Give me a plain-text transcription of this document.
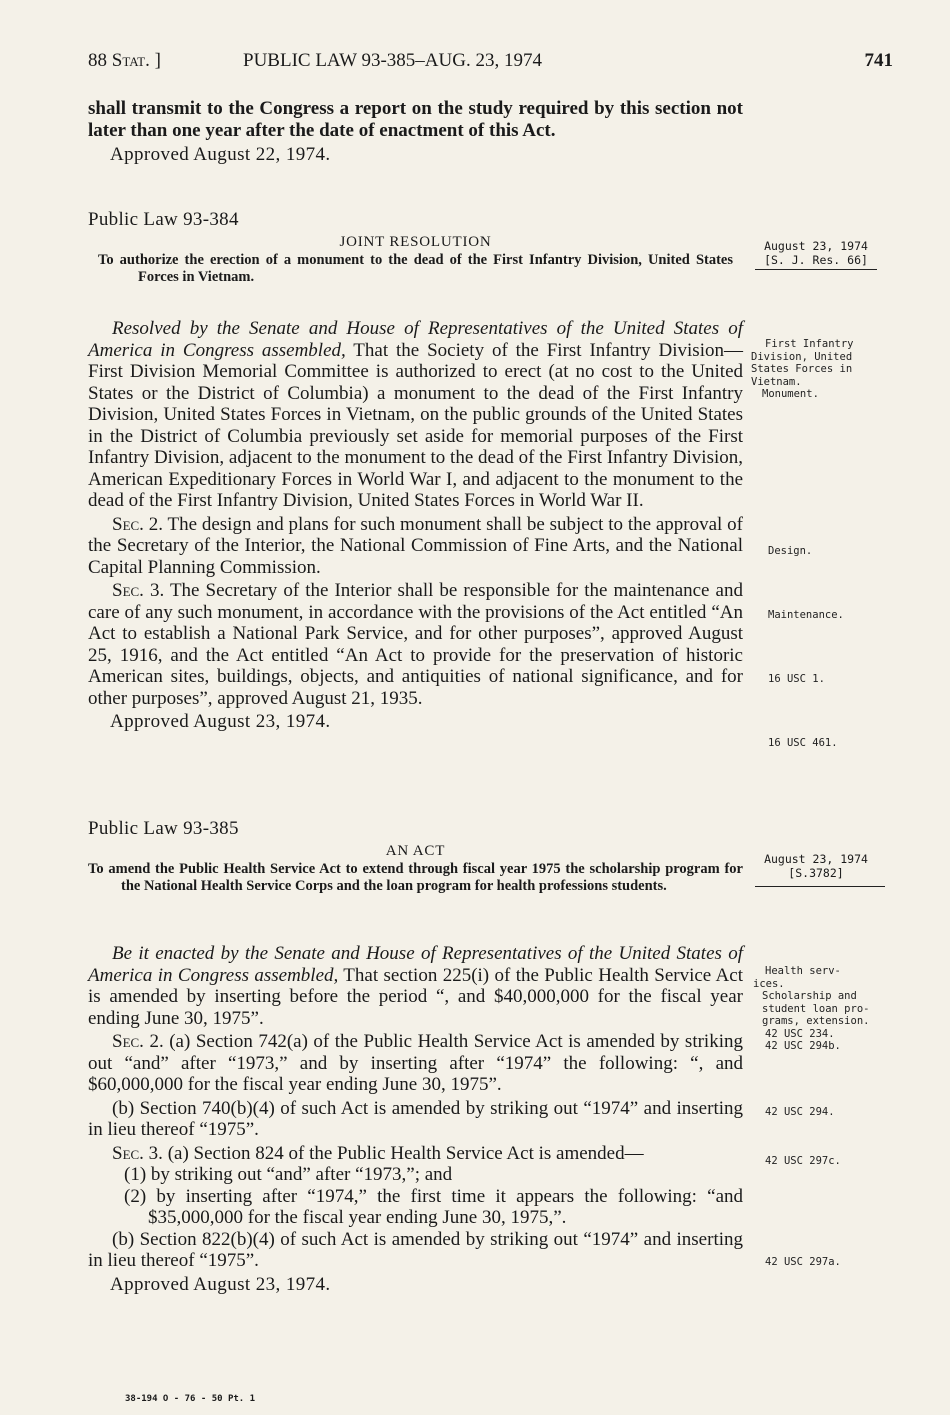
88 Stat. ]	PUBLIC LAW 93-385–AUG. 23, 1974	741

shall transmit to the Congress a report on the study required by this section not later than one year after the date of enactment of this Act.

Approved August 22, 1974.

Public Law 93-384

JOINT RESOLUTION

To authorize the erection of a monument to the dead of the First Infantry Division, United States Forces in Vietnam.

Resolved by the Senate and House of Representatives of the United States of America in Congress assembled, That the Society of the First Infantry Division—First Division Memorial Committee is authorized to erect (at no cost to the United States or the District of Columbia) a monument to the dead of the First Infantry Division, United States Forces in Vietnam, on the public grounds of the United States in the District of Columbia previously set aside for memorial purposes of the First Infantry Division, adjacent to the monument to the dead of the First Infantry Division, American Expeditionary Forces in World War I, and adjacent to the monument to the dead of the First Infantry Division, United States Forces in World War II.

Sec. 2. The design and plans for such monument shall be subject to the approval of the Secretary of the Interior, the National Commission of Fine Arts, and the National Capital Planning Commission.

Sec. 3. The Secretary of the Interior shall be responsible for the maintenance and care of any such monument, in accordance with the provisions of the Act entitled “An Act to establish a National Park Service, and for other purposes”, approved August 25, 1916, and the Act entitled “An Act to provide for the preservation of historic American sites, buildings, objects, and antiquities of national significance, and for other purposes”, approved August 21, 1935.

Approved August 23, 1974.

August 23, 1974

[S. J. Res. 66]

First Infantry

Division, United

States Forces in

Vietnam.

Monument.

Design.

Maintenance.

16 USC 1.

16 USC 461.

Public Law 93-385

AN ACT

To amend the Public Health Service Act to extend through fiscal year 1975 the scholarship program for the National Health Service Corps and the loan program for health professions students.

Be it enacted by the Senate and House of Representatives of the United States of America in Congress assembled, That section 225(i) of the Public Health Service Act is amended by inserting before the period “, and $40,000,000 for the fiscal year ending June 30, 1975”.

Sec. 2. (a) Section 742(a) of the Public Health Service Act is amended by striking out “and” after “1973,” and by inserting after “1974” the following: “, and $60,000,000 for the fiscal year ending June 30, 1975”.

(b) Section 740(b)(4) of such Act is amended by striking out “1974” and inserting in lieu thereof “1975”.

Sec. 3. (a) Section 824 of the Public Health Service Act is amended—

(1) by striking out “and” after “1973,”; and

(2) by inserting after “1974,” the first time it appears the following: “and $35,000,000 for the fiscal year ending June 30, 1975,”.

(b) Section 822(b)(4) of such Act is amended by striking out “1974” and inserting in lieu thereof “1975”.

Approved August 23, 1974.

August 23, 1974

[S.3782]

Health serv-

ices.

Scholarship and

student loan pro-

grams, extension.

42 USC 234.

42 USC 294b.

42 USC 294.

42 USC 297c.

42 USC 297a.

38-194 O - 76 - 50 Pt. 1
